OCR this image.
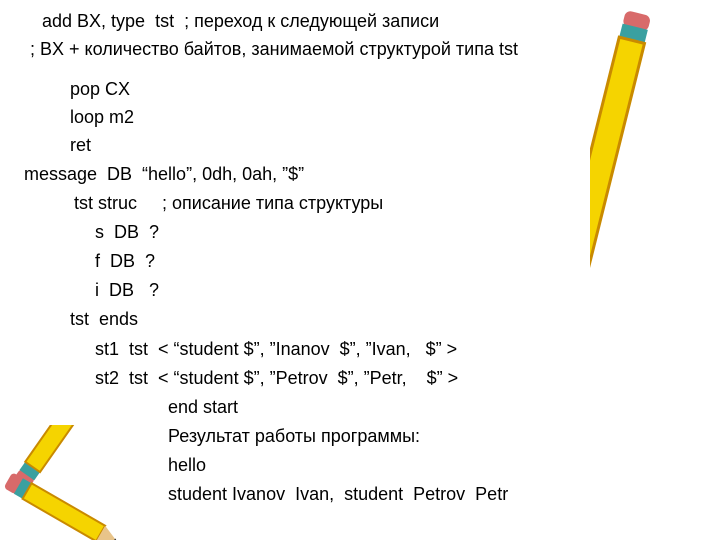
add BX, type  tst  ; переход к следующей записи
; BX + количество байтов, занимаемой структурой типа tst
pop CX
loop m2
ret
message  DB  “hello”, 0dh, 0ah, ”$”
tst struc     ; описание типа структуры
s  DB  ?
f  DB  ?
i  DB   ?
tst  ends
st1  tst  < “student $”, ”Inanov  $”, ”Ivan,   $” >
st2  tst  < “student $”, ”Petrov  $”, ”Petr,    $” >
end start
Результат работы программы:
hello
student Ivanov  Ivan,  student  Petrov  Petr
